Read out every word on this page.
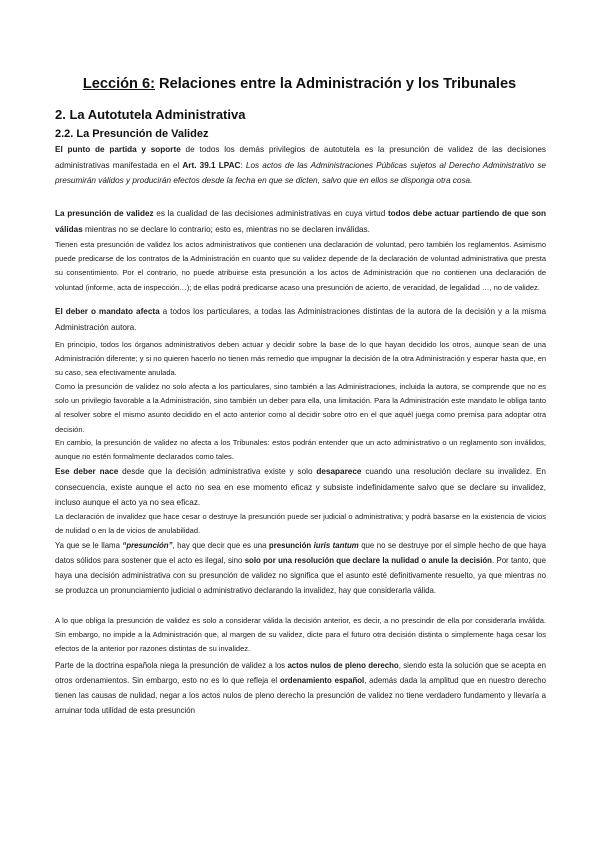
Lección 6: Relaciones entre la Administración y los Tribunales
2. La Autotutela Administrativa
2.2. La Presunción de Validez
El punto de partida y soporte de todos los demás privilegios de autotutela es la presunción de validez de las decisiones administrativas manifestada en el Art. 39.1 LPAC: Los actos de las Administraciones Públicas sujetos al Derecho Administrativo se presumirán válidos y producirán efectos desde la fecha en que se dicten, salvo que en ellos se disponga otra cosa.
La presunción de validez es la cualidad de las decisiones administrativas en cuya virtud todos debe actuar partiendo de que son válidas mientras no se declare lo contrario; esto es, mientras no se declaren inválidas.
Tienen esta presunción de validez los actos administrativos que contienen una declaración de voluntad, pero también los reglamentos. Asimismo puede predicarse de los contratos de la Administración en cuanto que su validez depende de la declaración de voluntad administrativa que presta su consentimiento. Por el contrario, no puede atribuirse esta presunción a los actos de Administración que no contienen una declaración de voluntad (informe, acta de inspección…); de ellas podrá predicarse acaso una presunción de acierto, de veracidad, de legalidad …, no de validez.
El deber o mandato afecta a todos los particulares, a todas las Administraciones distintas de la autora de la decisión y a la misma Administración autora.
En principio, todos los órganos administrativos deben actuar y decidir sobre la base de lo que hayan decidido los otros, aunque sean de una Administración diferente; y si no quieren hacerlo no tienen más remedio que impugnar la decisión de la otra Administración y esperar hasta que, en su caso, sea efectivamente anulada.
Como la presunción de validez no solo afecta a los particulares, sino también a las Administraciones, incluida la autora, se comprende que no es solo un privilegio favorable a la Administración, sino también un deber para ella, una limitación. Para la Administración este mandato le obliga tanto al resolver sobre el mismo asunto decidido en el acto anterior como al decidir sobre otro en el que aquél juega como premisa para adoptar otra decisión.
En cambio, la presunción de validez no afecta a los Tribunales: estos podrán entender que un acto administrativo o un reglamento son inválidos, aunque no estén formalmente declarados como tales.
Ese deber nace desde que la decisión administrativa existe y solo desaparece cuando una resolución declare su invalidez. En consecuencia, existe aunque el acto no sea en ese momento eficaz y subsiste indefinidamente salvo que se declare su invalidez, incluso aunque el acto ya no sea eficaz.
La declaración de invalidez que hace cesar o destruye la presunción puede ser judicial o administrativa; y podrá basarse en la existencia de vicios de nulidad o en la de vicios de anulabilidad.
Ya que se le llama “presunción”, hay que decir que es una presunción iuris tantum que no se destruye por el simple hecho de que haya datos sólidos para sostener que el acto es ilegal, sino solo por una resolución que declare la nulidad o anule la decisión. Por tanto, que haya una decisión administrativa con su presunción de validez no significa que el asunto esté definitivamente resuelto, ya que mientras no se produzca un pronunciamiento judicial o administrativo declarando la invalidez, hay que considerarla válida.
A lo que obliga la presunción de validez es solo a considerar válida la decisión anterior, es decir, a no prescindir de ella por considerarla inválida. Sin embargo, no impide a la Administración que, al margen de su validez, dicte para el futuro otra decisión distinta o simplemente haga cesar los efectos de la anterior por razones distintas de su invalidez.
Parte de la doctrina española niega la presunción de validez a los actos nulos de pleno derecho, siendo esta la solución que se acepta en otros ordenamientos. Sin embargo, esto no es lo que refleja el ordenamiento español, además dada la amplitud que en nuestro derecho tienen las causas de nulidad, negar a los actos nulos de pleno derecho la presunción de validez no tiene verdadero fundamento y llevaría a arruinar toda utilidad de esta presunción
